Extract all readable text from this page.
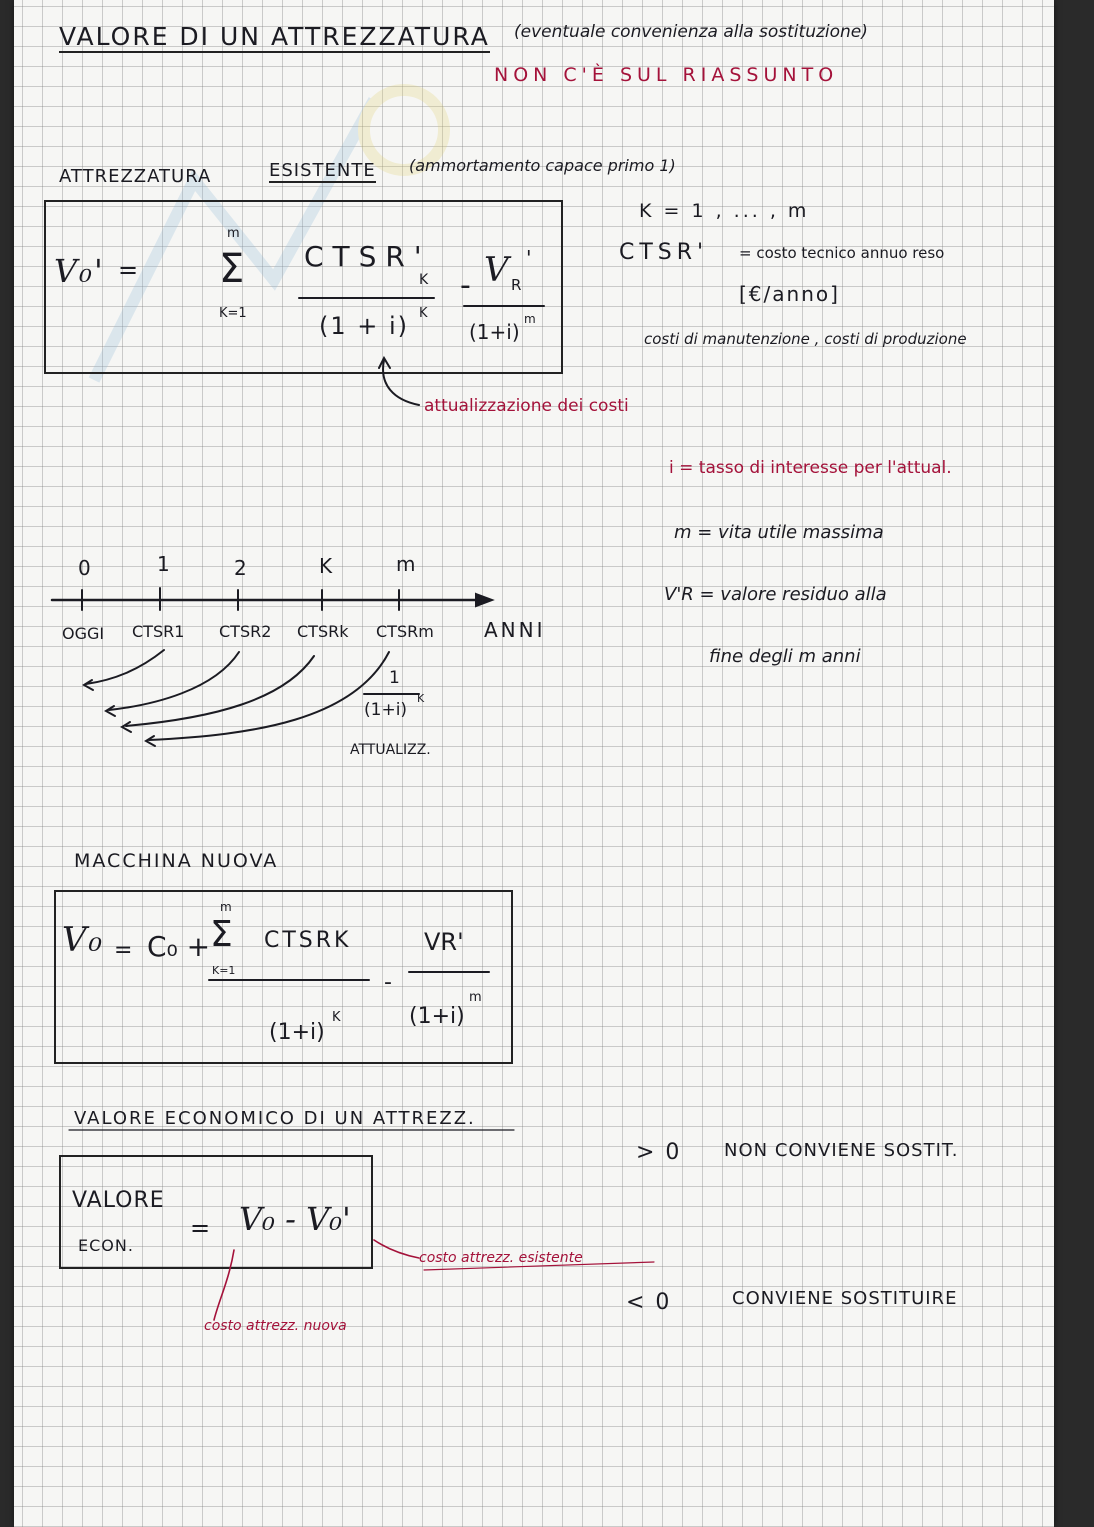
VALORE DI UN ATTREZZATURA (eventuale convenienza alla sostituzione)
NON C'È SUL RIASSUNTO
ATTREZZATURA	ESISTENTE (ammortamento capace primo 1)
V₀' =
m
Σ
K=1
CTSR'
K
(1 + i) K
- V R
'
(1+i)
m
attualizzazione dei costi
K = 1 , ... , m
CTSR' = costo tecnico annuo reso
[€/anno]
costi di manutenzione , costi di produzione
i = tasso di interesse per l'attual.
m = vita utile massima
V'R = valore residuo alla
fine degli m anni
0	1	2	K	m
OGGI CTSR1 CTSR2 CTSRk CTSRm	ANNI
1
(1+i)
K
ATTUALIZZ.
MACCHINA NUOVA
V₀ = C₀ +
m
Σ
K=1
CTSRK
(1+i)
K
-
VR'
(1+i)
m
VALORE ECONOMICO DI UN ATTREZZ.
VALORE
ECON.
= V₀ - V₀'
> 0 NON CONVIENE SOSTIT.
< 0	CONVIENE SOSTITUIRE
costo attrezz. esistente
costo attrezz. nuova
